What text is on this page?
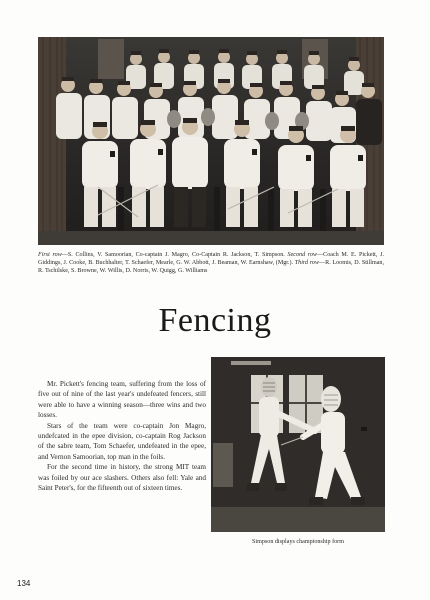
First row—S. Collins, V. Samoorian, Co-captain J. Magro, Co-Captain R. Jackson, T. Simpson. Second row—Coach M. E. Pickett, J. Giddings, J. Cooke, B. Buchhalter, T. Schaefer, Mearle, G. W. Abbott, J. Beaman, W. Earnshaw, (Mgr.). Third row—R. Loomis, D. Stillman, R. Tschilske, S. Browne, W. Willis, D. Norris, W. Quigg, G. Williams
Fencing

Mr. Pickett's fencing team, suffering from the loss of five out of nine of the last year's undefeated fencers, still were able to have a winning season—three wins and two losses.

Stars of the team were co-captain Jon Magro, undefcated in the epee division, co-captain Rog Jackson of the sabre team, Tom Schaefer, undefeated in the epee, and Vernon Samoorian, top man in the foils.

For the second time in history, the strong MIT team was foiled by our ace slashers. Others also fell: Yale and Saint Peter's, for the fifteenth out of sixteen times.

Simpson displays championship form
134
